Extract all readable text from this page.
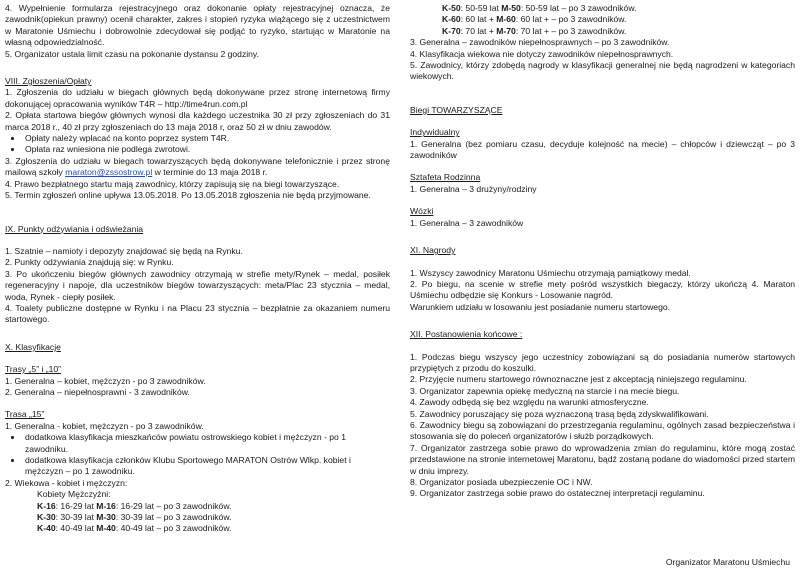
4. Wypełnienie formularza rejestracyjnego oraz dokonanie opłaty rejestracyjnej oznacza, że zawodnik(opiekun prawny) ocenił charakter, zakres i stopień ryzyka wiążącego się z uczestnictwem w Maratonie Uśmiechu i dobrowolnie zdecydował się podjąć to ryzyko, startując w Maratonie na własną odpowiedzialność.

5. Organizator ustala limit czasu na pokonanie dystansu 2 godziny.

VIII. Zgłoszenia/Opłaty

1. Zgłoszenia do udziału w biegach głównych będą dokonywane przez stronę internetową firmy dokonującej opracowania wyników T4R – http://time4run.com.pl

2. Opłata startowa biegów głównych wynosi dla każdego uczestnika 30 zł przy zgłoszeniach do 31 marca 2018 r., 40 zł przy zgłoszeniach do 13 maja 2018 r, oraz 50 zł w dniu zawodów.

• Opłaty należy wpłacać na konto poprzez system T4R.
• Opłata raz wniesiona nie podlega zwrotowi.

3. Zgłoszenia do udziału w biegach towarzyszących będą dokonywane telefonicznie i przez stronę mailową szkoły maraton@zssostrow.pl w terminie do 13 maja 2018 r.

4. Prawo bezpłatnego startu mają zawodnicy, którzy zapisują się na biegi towarzyszące.

5. Termin zgłoszeń online upływa 13.05.2018. Po 13.05.2018 zgłoszenia nie będą przyjmowane.

IX. Punkty odżywiania i odświeżania

1. Szatnie – namioty i depozyty znajdować się będą na Rynku.

2. Punkty odżywiania znajdują się: w Rynku.

3. Po ukończeniu biegów głównych zawodnicy otrzymają w strefie mety/Rynek – medal, posiłek regeneracyjny i napoje, dla uczestników biegów towarzyszących: meta/Plac 23 stycznia – medal, woda, Rynek - ciepły posiłek.

4. Toalety publiczne dostępne w Rynku i na Placu 23 stycznia – bezpłatnie za okazaniem numeru startowego.

X. Klasyfikacje

Trasy „5” i „10”

1. Generalna – kobiet, mężczyzn - po 3 zawodników.

2. Generalna – niepełnosprawni - 3 zawodników.

Trasa „15”

1. Generalna - kobiet, mężczyzn - po 3 zawodników.

• dodatkowa klasyfikacja mieszkańców powiatu ostrowskiego kobiet i mężczyzn - po 1 zawodniku.
• dodatkowa klasyfikacja członków Klubu Sportowego MARATON Ostrów Wlkp. kobiet i mężczyzn – po 1 zawodniku.

2. Wiekowa - kobiet i mężczyzn:

Kobiety Mężczyźni:

K-16: 16-29 lat M-16: 16-29 lat – po 3 zawodników.

K-30: 30-39 lat M-30: 30-39 lat – po 3 zawodników.

K-40: 40-49 lat M-40: 40-49 lat – po 3 zawodników.

K-50: 50-59 lat M-50: 50-59 lat – po 3 zawodników.

K-60: 60 lat + M-60: 60 lat + – po 3 zawodników.

K-70: 70 lat + M-70: 70 lat + – po 3 zawodników.

3. Generalna – zawodników niepełnosprawnych – po 3 zawodników.

4. Klasyfikacja wiekowa nie dotyczy zawodników niepełnosprawnych.

5. Zawodnicy, którzy zdobędą nagrody w klasyfikacji generalnej nie będą nagrodzeni w kategoriach wiekowych.

Biegi TOWARZYSZĄCE

Indywidualny

1. Generalna (bez pomiaru czasu, decyduje kolejność na mecie) – chłopców i dziewcząt – po 3 zawodników

Sztafeta Rodzinna

1. Generalna – 3 drużyny/rodziny

Wózki

1. Generalna – 3 zawodników

XI. Nagrody

1. Wszyscy zawodnicy Maratonu Uśmiechu otrzymają pamiątkowy medal.

2. Po biegu, na scenie w strefie mety pośród wszystkich biegaczy, którzy ukończą 4. Maraton Uśmiechu odbędzie się Konkurs - Losowanie nagród.

Warunkiem udziału w losowaniu jest posiadanie numeru startowego.

XII. Postanowienia końcowe :

1. Podczas biegu wszyscy jego uczestnicy zobowiązani są do posiadania numerów startowych przypiętych z przodu do koszulki.

2. Przyjęcie numeru startowego równoznaczne jest z akceptacją niniejszego regulaminu.

3. Organizator zapewnia opiekę medyczną na starcie i na mecie biegu.

4. Zawody odbędą się bez względu na warunki atmosferyczne.

5. Zawodnicy poruszający się poza wyznaczoną trasą będą zdyskwalifikowani.

6. Zawodnicy biegu są zobowiązani do przestrzegania regulaminu, ogólnych zasad bezpieczeństwa i stosowania się do poleceń organizatorów i służb porządkowych.

7. Organizator zastrzega sobie prawo do wprowadzenia zmian do regulaminu, które mogą zostać przedstawione na stronie internetowej Maratonu, bądź zostaną podane do wiadomości przed startem w dniu imprezy.

8. Organizator posiada ubezpieczenie OC i NW.

9. Organizator zastrzega sobie prawo do ostatecznej interpretacji regulaminu.

Organizator Maratonu Uśmiechu
